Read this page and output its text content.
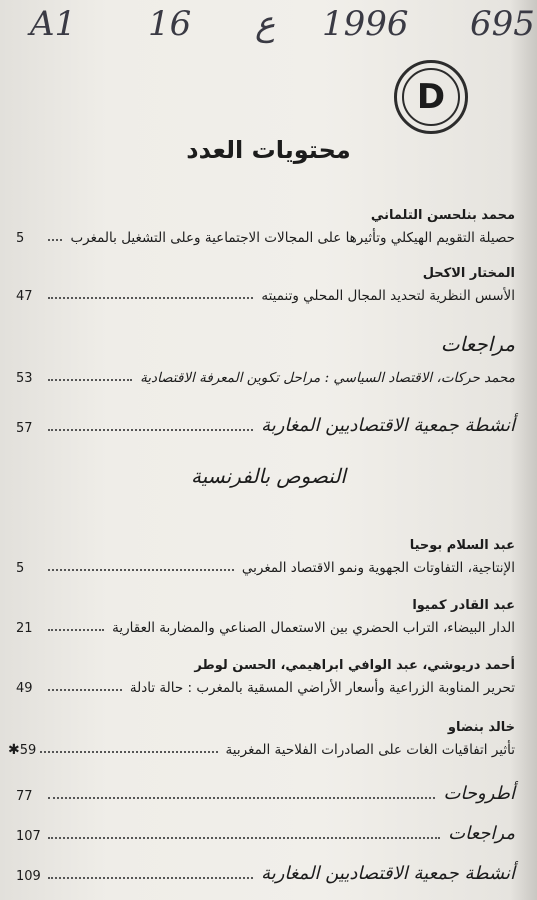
A1 16 ع 1996 695
D
محتويات العدد
محمد بنلحسن التلماني
حصيلة التقويم الهيكلي وتأثيرها على المجالات الاجتماعية وعلى التشغيل بالمغرب
5
المختار الاكحل
الأسس النظرية لتحديد المجال المحلي وتنميته
47
مراجعات
محمد حركات، الاقتصاد السياسي : مراحل تكوين المعرفة الاقتصادية
53
أنشطة جمعية الاقتصاديين المغاربة
57
النصوص بالفرنسية
عبد السلام بوحيا
الإنتاجية، التفاوتات الجهوية ونمو الاقتصاد المغربي
5
عبد القادر كميوا
الدار البيضاء، التراب الحضري بين الاستعمال الصناعي والمضاربة العقارية
21
أحمد دريوشي، عبد الوافي ابراهيمي، الحسن لوطر
تحرير المناوبة الزراعية وأسعار الأراضي المسقية بالمغرب : حالة تادلة
49
خالد بنضاو
تأثير اتفاقيات الغات على الصادرات الفلاحية المغربية
✱59
أطروحات
77
مراجعات
107
أنشطة جمعية الاقتصاديين المغاربة
109
